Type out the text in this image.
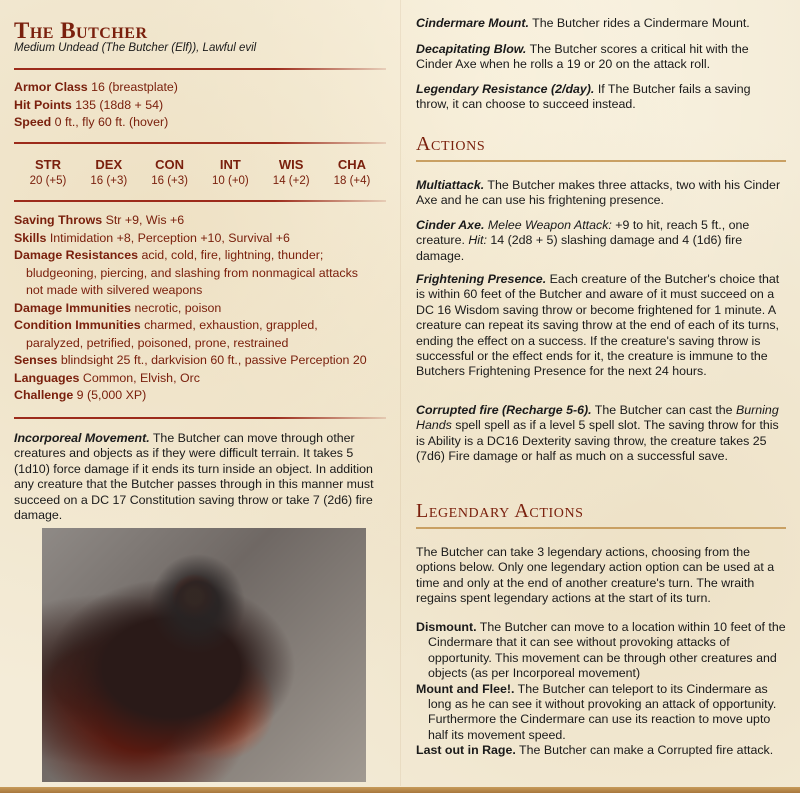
The Butcher
Medium Undead (The Butcher (Elf)), Lawful evil
Armor Class 16 (breastplate)
Hit Points 135 (18d8 + 54)
Speed 0 ft., fly 60 ft. (hover)
STR
20 (+5)
DEX
16 (+3)
CON
16 (+3)
INT
10 (+0)
WIS
14 (+2)
CHA
18 (+4)
Saving Throws Str +9, Wis +6
Skills Intimidation +8, Perception +10, Survival +6
Damage Resistances acid, cold, fire, lightning, thunder;
bludgeoning, piercing, and slashing from nonmagical attacks
not made with silvered weapons
Damage Immunities necrotic, poison
Condition Immunities charmed, exhaustion, grappled,
paralyzed, petrified, poisoned, prone, restrained
Senses blindsight 25 ft., darkvision 60 ft., passive Perception 20
Languages Common, Elvish, Orc
Challenge 9 (5,000 XP)

Incorporeal Movement. The Butcher can move through other creatures and objects as if they were difficult terrain. It takes 5 (1d10) force damage if it ends its turn inside an object. In addition any creature that the Butcher passes through in this manner must succeed on a DC 17 Constitution saving throw or take 7 (2d6) fire damage.

Cindermare Mount. The Butcher rides a Cindermare Mount.

Decapitating Blow. The Butcher scores a critical hit with the Cinder Axe when he rolls a 19 or 20 on the attack roll.

Legendary Resistance (2/day). If The Butcher fails a saving throw, it can choose to succeed instead.

Actions

Multiattack. The Butcher makes three attacks, two with his Cinder Axe and he can use his frightening presence.

Cinder Axe. Melee Weapon Attack: +9 to hit, reach 5 ft., one creature. Hit: 14 (2d8 + 5) slashing damage and 4 (1d6) fire damage.

Frightening Presence. Each creature of the Butcher's choice that is within 60 feet of the Butcher and aware of it must succeed on a DC 16 Wisdom saving throw or become frightened for 1 minute. A creature can repeat its saving throw at the end of each of its turns, ending the effect on a success. If the creature's saving throw is successful or the effect ends for it, the creature is immune to the Butchers Frightening Presence for the next 24 hours.

Corrupted fire (Recharge 5-6). The Butcher can cast the Burning Hands spell spell as if a level 5 spell slot. The saving throw for this is Ability is a DC16 Dexterity saving throw, the creature takes 25 (7d6) Fire damage or half as much on a successful save.

Legendary Actions

The Butcher can take 3 legendary actions, choosing from the options below. Only one legendary action option can be used at a time and only at the end of another creature's turn. The wraith regains spent legendary actions at the start of its turn.

Dismount. The Butcher can move to a location within 10 feet of the Cindermare that it can see without provoking attacks of opportunity. This movement can be through other creatures and objects (as per Incorporeal movement)

Mount and Flee!. The Butcher can teleport to its Cindermare as long as he can see it without provoking an attack of opportunity. Furthermore the Cindermare can use its reaction to move upto half its movement speed.

Last out in Rage. The Butcher can make a Corrupted fire attack.
